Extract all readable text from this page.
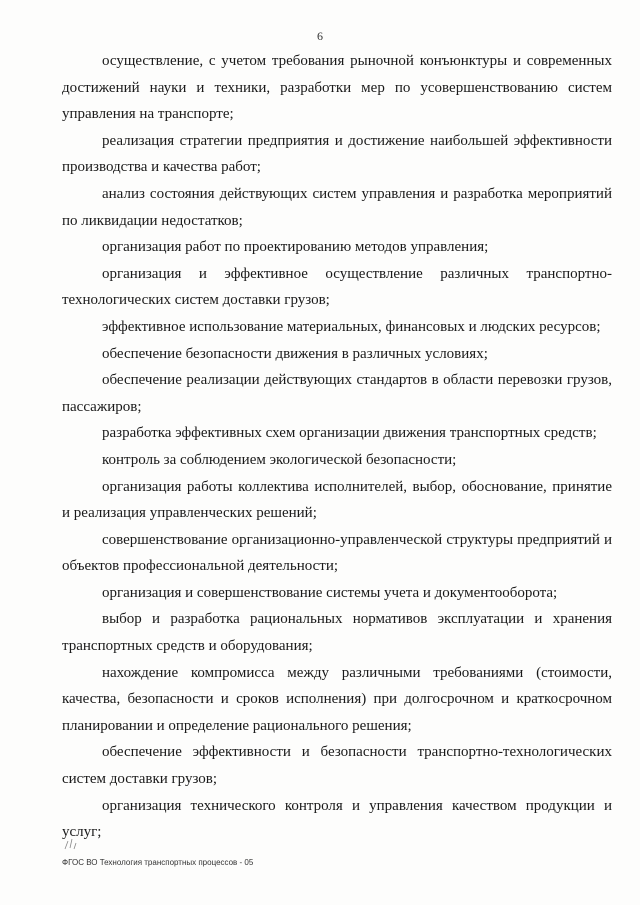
6

осуществление, с учетом требования рыночной конъюнктуры и современных достижений науки и техники, разработки мер по усовершенствованию систем управления на транспорте;

реализация стратегии предприятия и достижение наибольшей эффективности производства и качества работ;

анализ состояния действующих систем управления и разработка мероприятий по ликвидации недостатков;

организация работ по проектированию методов управления;

организация и эффективное осуществление различных транспортно-технологических систем доставки грузов;

эффективное использование материальных, финансовых и людских ресурсов;

обеспечение безопасности движения в различных условиях;

обеспечение реализации действующих стандартов в области перевозки грузов, пассажиров;

разработка эффективных схем организации движения транспортных средств;

контроль за соблюдением экологической безопасности;

организация работы коллектива исполнителей, выбор, обоснование, принятие и реализация управленческих решений;

совершенствование организационно-управленческой структуры предприятий и объектов профессиональной деятельности;

организация и совершенствование системы учета и документооборота;

выбор и разработка рациональных нормативов эксплуатации и хранения транспортных средств и оборудования;

нахождение компромисса между различными требованиями (стоимости, качества, безопасности и сроков исполнения) при долгосрочном и краткосрочном планировании и определение рационального решения;

обеспечение эффективности и безопасности транспортно-технологических систем доставки грузов;

организация технического контроля и управления качеством продукции и услуг;

ФГОС ВО Технология транспортных процессов - 05
